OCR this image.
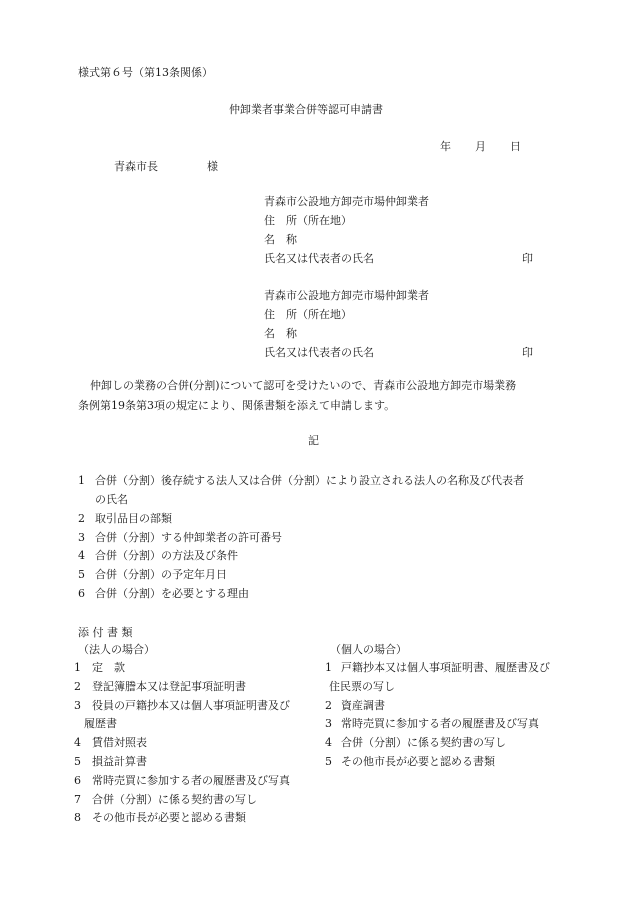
様式第６号（第13条関係）
仲卸業者事業合併等認可申請書
年 月 日
青森市長	様
青森市公設地方卸売市場仲卸業者
住　所（所在地）
名　称
氏名又は代表者の氏名	印
青森市公設地方卸売市場仲卸業者
住　所（所在地）
名　称
氏名又は代表者の氏名	印
仲卸しの業務の合併(分割)について認可を受けたいので、青森市公設地方卸売市場業務
条例第19条第3項の規定により、関係書類を添えて申請します。
記
1 合併（分割）後存続する法人又は合併（分割）により設立される法人の名称及び代表者
の氏名
2 取引品目の部類
3 合併（分割）する仲卸業者の許可番号
4 合併（分割）の方法及び条件
5 合併（分割）の予定年月日
6 合併（分割）を必要とする理由
添 付 書 類
（法人の場合）
1 定　款
2 登記簿謄本又は登記事項証明書
3 役員の戸籍抄本又は個人事項証明書及び
履歴書
4 賃借対照表
5 損益計算書
6 常時売買に参加する者の履歴書及び写真
7 合併（分割）に係る契約書の写し
8 その他市長が必要と認める書類
（個人の場合）
1 戸籍抄本又は個人事項証明書、履歴書及び
住民票の写し
2 資産調書
3 常時売買に参加する者の履歴書及び写真
4 合併（分割）に係る契約書の写し
5 その他市長が必要と認める書類
